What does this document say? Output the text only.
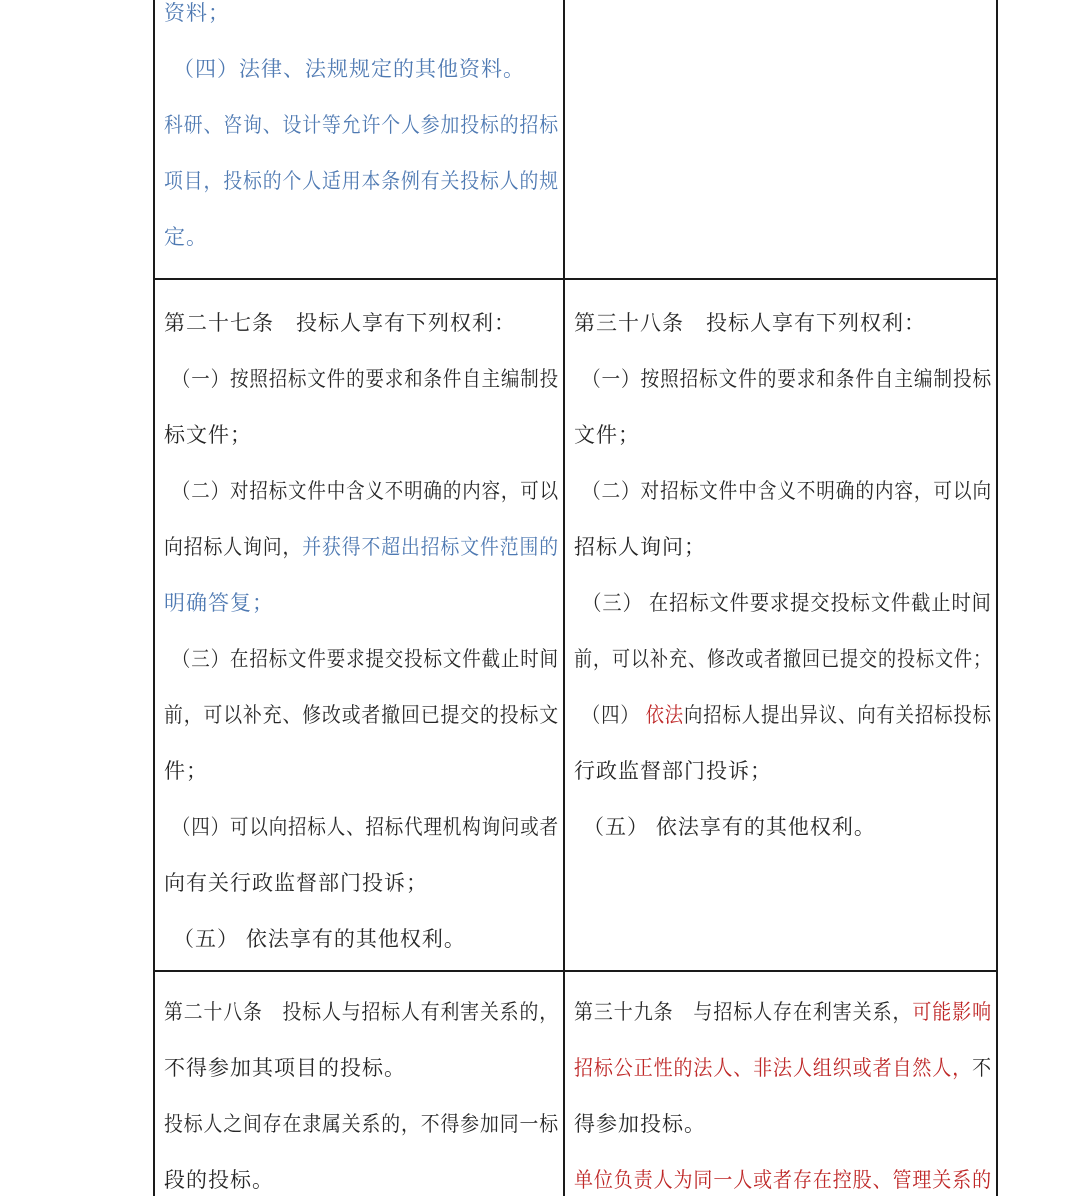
资料；
（四）法律、法规规定的其他资料。
科研、咨询、设计等允许个人参加投标的招标
项目，投标的个人适用本条例有关投标人的规
定。
第二十七条　投标人享有下列权利：
（一）按照招标文件的要求和条件自主编制投
标文件；
（二）对招标文件中含义不明确的内容，可以
向招标人询问，并获得不超出招标文件范围的
明确答复；
（三）在招标文件要求提交投标文件截止时间
前，可以补充、修改或者撤回已提交的投标文
件；
（四）可以向招标人、招标代理机构询问或者
向有关行政监督部门投诉；
（五） 依法享有的其他权利。
第三十八条　投标人享有下列权利：
（一）按照招标文件的要求和条件自主编制投标
文件；
（二）对招标文件中含义不明确的内容，可以向
招标人询问；
（三） 在招标文件要求提交投标文件截止时间
前，可以补充、修改或者撤回已提交的投标文件；
（四） 依法向招标人提出异议、向有关招标投标
行政监督部门投诉；
（五） 依法享有的其他权利。
第二十八条　投标人与招标人有利害关系的，
不得参加其项目的投标。
投标人之间存在隶属关系的，不得参加同一标
段的投标。
第三十九条　与招标人存在利害关系，可能影响
招标公正性的法人、非法人组织或者自然人，不
得参加投标。
单位负责人为同一人或者存在控股、管理关系的
